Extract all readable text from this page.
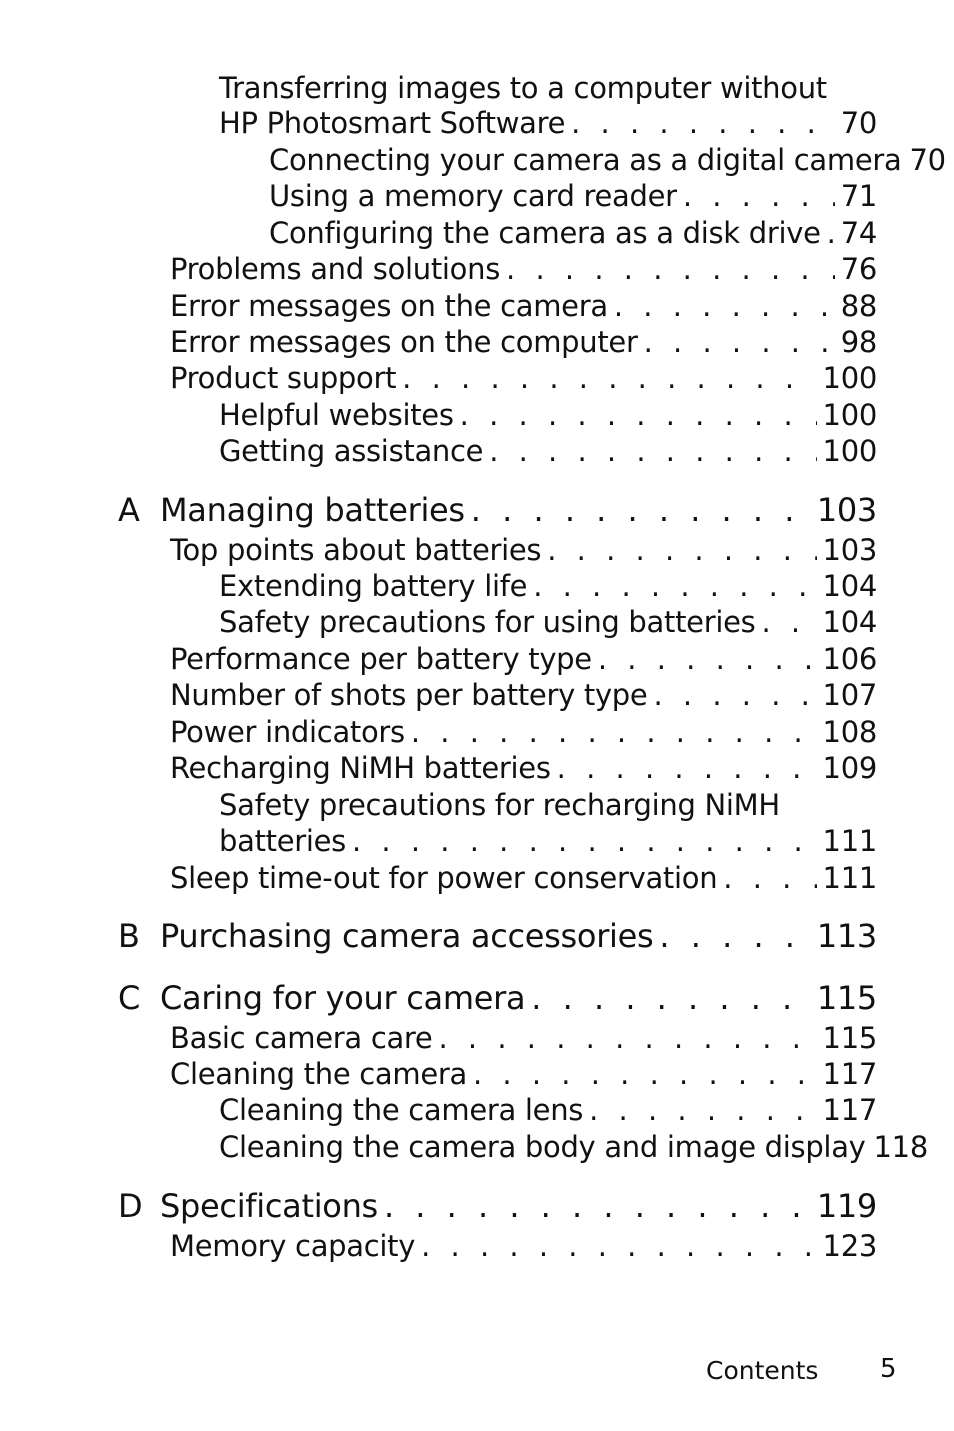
Transferring images to a computer without
HP Photosmart Software . . .	70
Connecting your camera as a digital camera 70
Using a memory card reader . . .	71
Configuring the camera as a disk drive . . . 74
Problems and solutions . . .	76
Error messages on the camera . . .	88
Error messages on the computer . . .	98
Product support . . .	100
Helpful websites . . .	100
Getting assistance . . .	100
A Managing batteries . . .	103
Top points about batteries . . .	103
Extending battery life . . .	104
Safety precautions for using batteries . . . 104
Performance per battery type . . .	106
Number of shots per battery type . . .	107
Power indicators . . .	108
Recharging NiMH batteries . . .	109
Safety precautions for recharging NiMH
batteries . . .	111
Sleep time-out for power conservation . . .	111
B Purchasing camera accessories . . .	113
C Caring for your camera . . .	115
Basic camera care . . .	115
Cleaning the camera . . .	117
Cleaning the camera lens . . .	117
Cleaning the camera body and image display 118
D Specifications . . .	119
Memory capacity . . .	123
Contents 5
